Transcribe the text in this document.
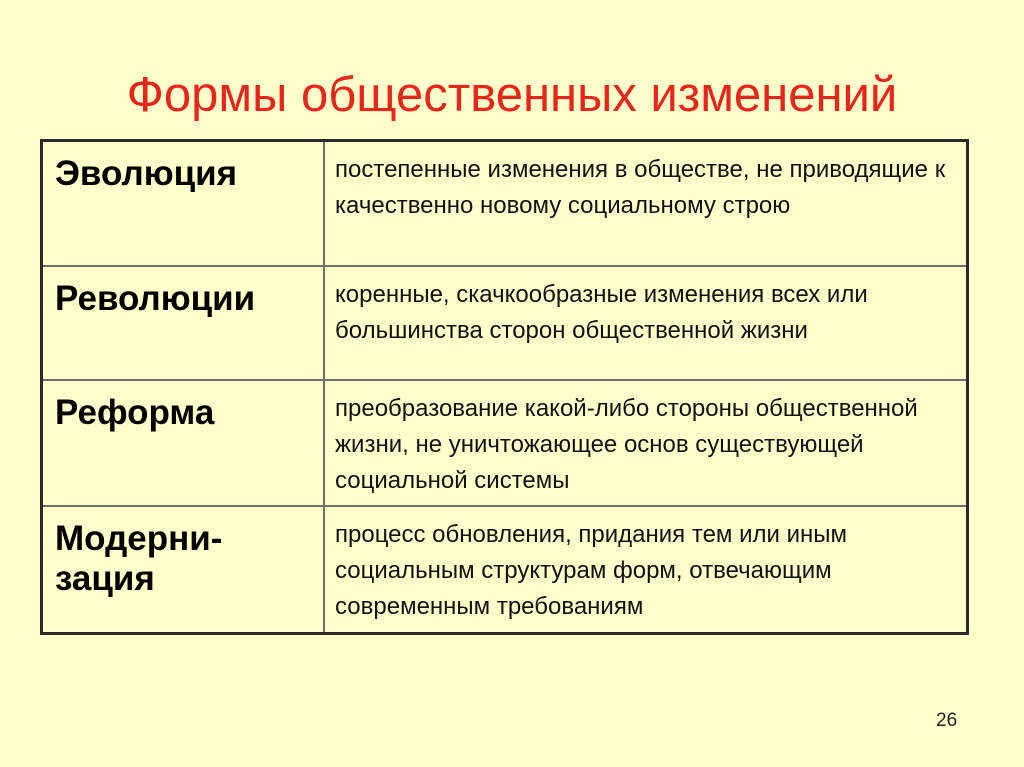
Формы общественных изменений
Эволюция	постепенные изменения в обществе, не приводящие к качественно новому социальному строю
Революции	коренные, скачкообразные изменения всех или большинства сторон общественной жизни
Реформа	преобразование какой-либо стороны общественной жизни, не уничтожающее основ существующей социальной системы
Модерни-
зация	процесс обновления, придания тем или иным социальным структурам форм, отвечающим современным требованиям
26
